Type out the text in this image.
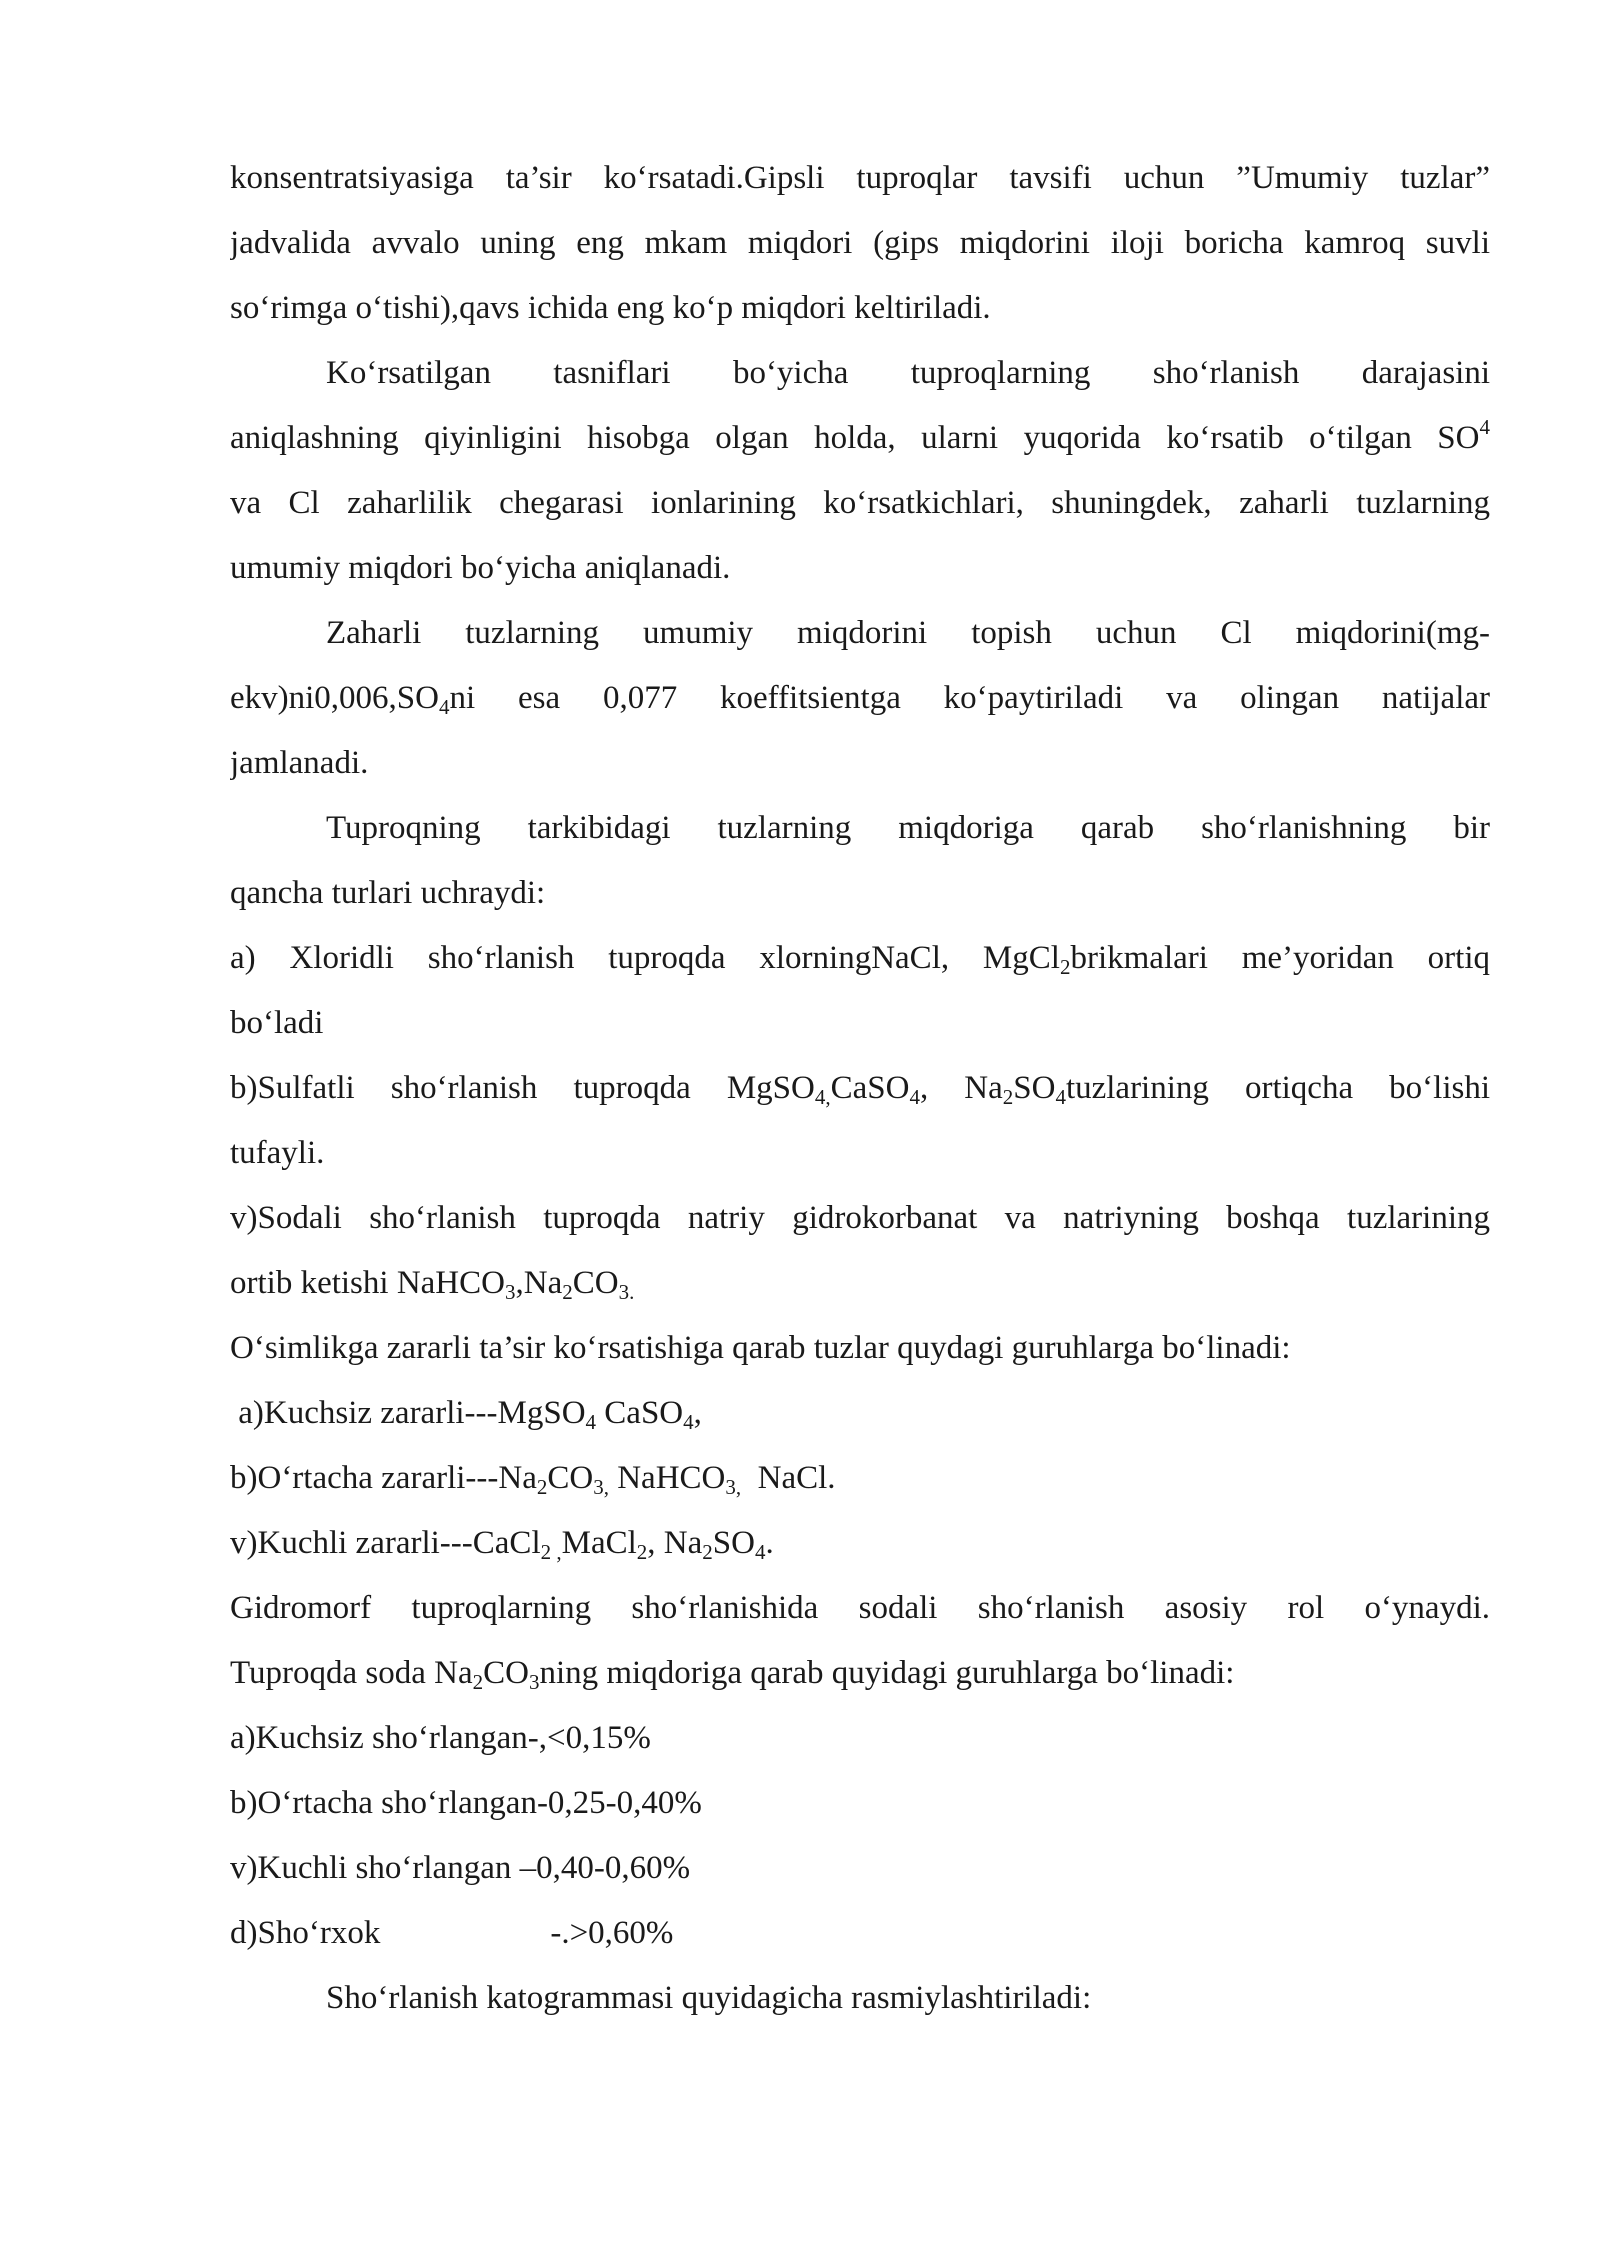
konsentratsiyasiga ta’sir ko‘rsatadi.Gipsli tuproqlar tavsifi uchun ”Umumiy tuzlar”
jadvalida avvalo uning eng mkam miqdori (gips miqdorini iloji boricha kamroq suvli
so‘rimga o‘tishi),qavs ichida eng ko‘p miqdori keltiriladi.
Ko‘rsatilgan tasniflari bo‘yicha tuproqlarning sho‘rlanish darajasini
aniqlashning qiyinligini hisobga olgan holda, ularni yuqorida ko‘rsatib o‘tilgan $SO^4$
va Cl zaharlilik chegarasi ionlarining ko‘rsatkichlari, shuningdek, zaharli tuzlarning
umumiy miqdori bo‘yicha aniqlanadi.
Zaharli tuzlarning umumiy miqdorini topish uchun Cl miqdorini(mg-
$ekv)ni0,006,SO_4ni$ esa 0,077 koeffitsientga ko‘paytiriladi va olingan natijalar
jamlanadi.
Tuproqning tarkibidagi tuzlarning miqdoriga qarab sho‘rlanishning bir
qancha turlari uchraydi:
a) Xloridli sho‘rlanish tuproqda xlorningNaCl, MgCl$_2$brikmalari me’yoridan ortiq
bo‘ladi
b)Sulfatli sho‘rlanish tuproqda MgSO$_{4,}$CaSO$_4$, $Na_2SO_4tuzlarining$ ortiqcha bo‘lishi
tufayli.
v)Sodali sho‘rlanish tuproqda natriy gidrokorbanat va natriyning boshqa tuzlarining
ortib ketishi $NaHCO_3,Na_2CO_{3.}$
O‘simlikga zararli ta’sir ko‘rsatishiga qarab tuzlar quydagi guruhlarga bo‘linadi:
a)Kuchsiz zararli---MgSO$_4$ CaSO$_4$,
b)O‘rtacha zararli-$--Na_2CO_{3,}$ NaHCO$_{3,}$  NaCl.
v)Kuchli zararli---CaCl$_{2 ,}$MaCl$_2$, $Na_2SO_4$.
Gidromorf tuproqlarning sho‘rlanishida sodali sho‘rlanish asosiy rol o‘ynaydi.
Tuproqda soda $Na_2CO_3ning$ miqdoriga qarab quyidagi guruhlarga bo‘linadi:
a)Kuchsiz sho‘rlangan-,<0,15%
b)O‘rtacha sho‘rlangan-0,25-0,40%
v)Kuchli sho‘rlangan –0,40-0,60%
d)Sho‘rxok	-.>0,60%
Sho‘rlanish katogrammasi quyidagicha rasmiylashtiriladi:
